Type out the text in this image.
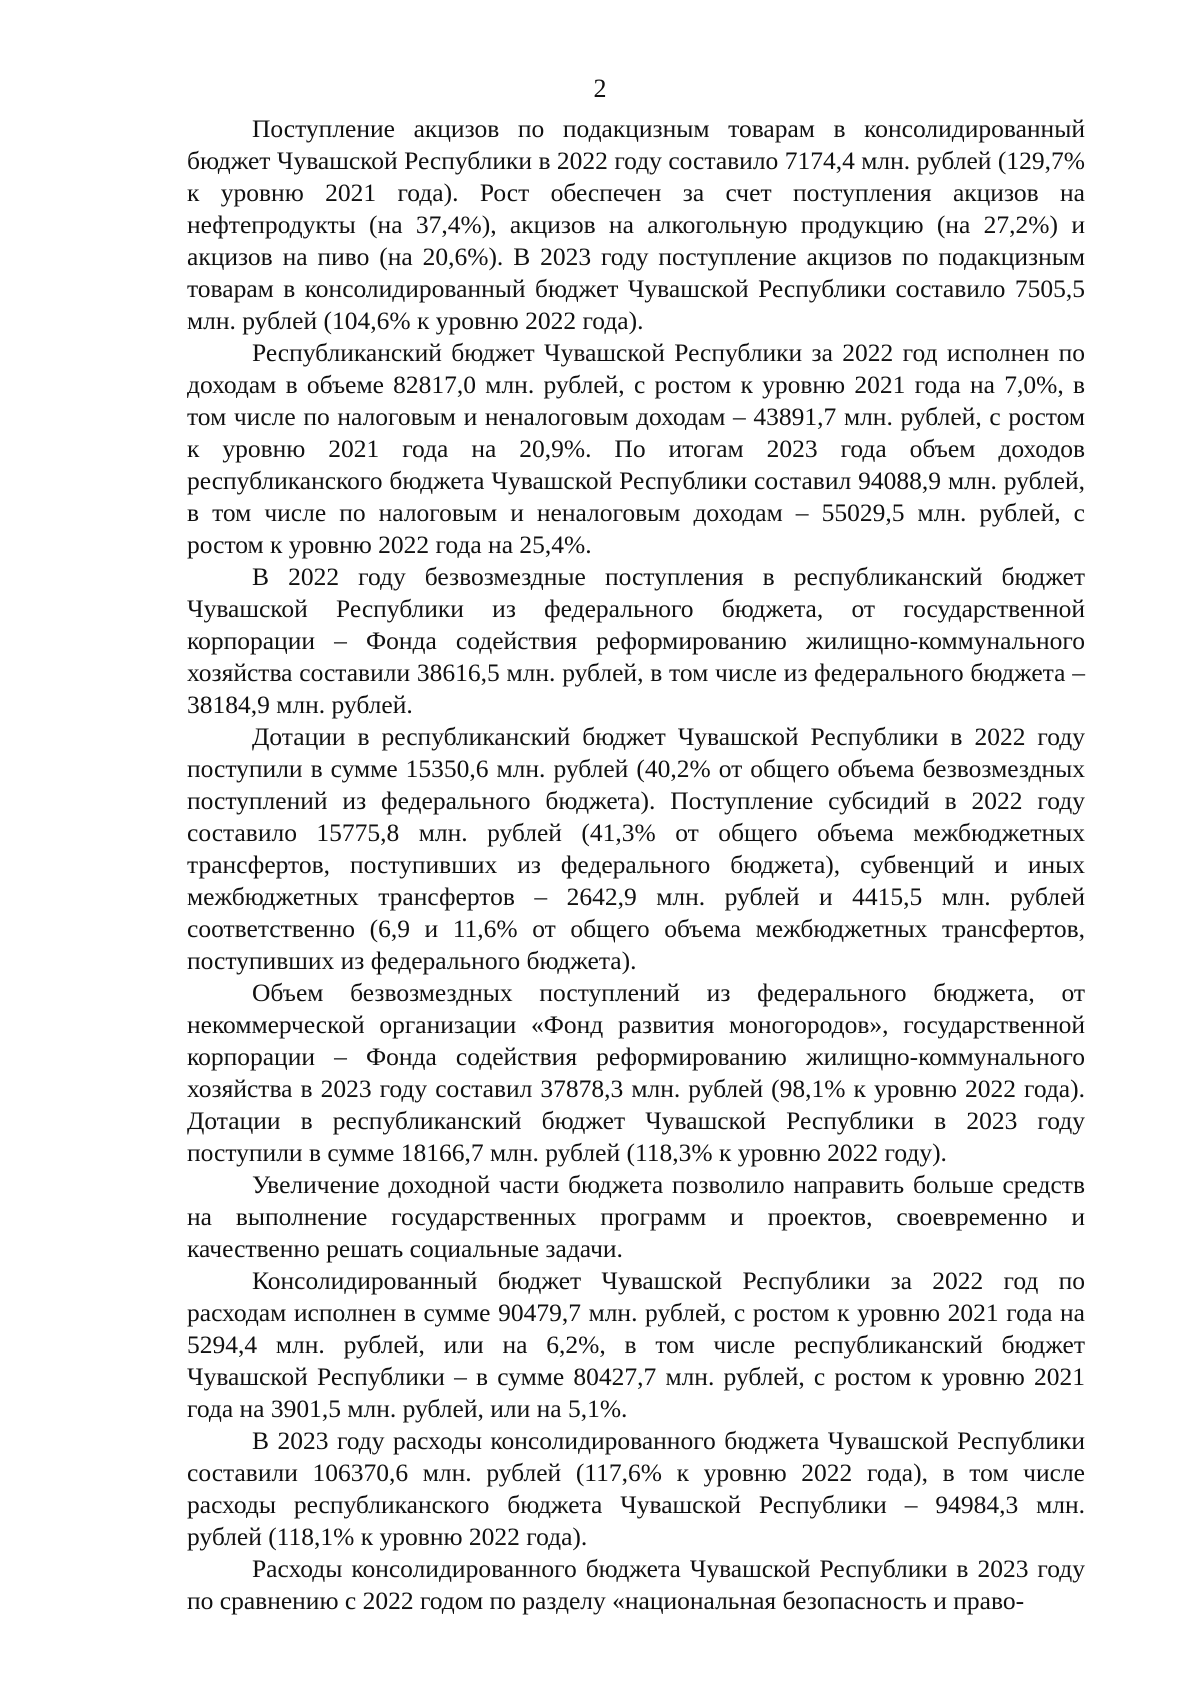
2

Поступление акцизов по подакцизным товарам в консолидированный бюджет Чувашской Республики в 2022 году составило 7174,4 млн. рублей (129,7% к уровню 2021 года). Рост обеспечен за счет поступления акцизов на нефтепродукты (на 37,4%), акцизов на алкогольную продукцию (на 27,2%) и акцизов на пиво (на 20,6%). В 2023 году поступление акцизов по подакцизным товарам в консолидированный бюджет Чувашской Республики составило 7505,5 млн. рублей (104,6% к уровню 2022 года).

Республиканский бюджет Чувашской Республики за 2022 год исполнен по доходам в объеме 82817,0 млн. рублей, с ростом к уровню 2021 года на 7,0%, в том числе по налоговым и неналоговым доходам – 43891,7 млн. рублей, с ростом к уровню 2021 года на 20,9%. По итогам 2023 года объем доходов республиканского бюджета Чувашской Республики составил 94088,9 млн. рублей, в том числе по налоговым и неналоговым доходам – 55029,5 млн. рублей, с ростом к уровню 2022 года на 25,4%.

В 2022 году безвозмездные поступления в республиканский бюджет Чувашской Республики из федерального бюджета, от государственной корпорации – Фонда содействия реформированию жилищно-коммунального хозяйства составили 38616,5 млн. рублей, в том числе из федерального бюджета – 38184,9 млн. рублей.

Дотации в республиканский бюджет Чувашской Республики в 2022 году поступили в сумме 15350,6 млн. рублей (40,2% от общего объема безвозмездных поступлений из федерального бюджета). Поступление субсидий в 2022 году составило 15775,8 млн. рублей (41,3% от общего объема межбюджетных трансфертов, поступивших из федерального бюджета), субвенций и иных межбюджетных трансфертов – 2642,9 млн. рублей и 4415,5 млн. рублей соответственно (6,9 и 11,6% от общего объема межбюджетных трансфертов, поступивших из федерального бюджета).

Объем безвозмездных поступлений из федерального бюджета, от некоммерческой организации «Фонд развития моногородов», государственной корпорации – Фонда содействия реформированию жилищно-коммунального хозяйства в 2023 году составил 37878,3 млн. рублей (98,1% к уровню 2022 года). Дотации в республиканский бюджет Чувашской Республики в 2023 году поступили в сумме 18166,7 млн. рублей (118,3% к уровню 2022 году).

Увеличение доходной части бюджета позволило направить больше средств на выполнение государственных программ и проектов, своевременно и качественно решать социальные задачи.

Консолидированный бюджет Чувашской Республики за 2022 год по расходам исполнен в сумме 90479,7 млн. рублей, с ростом к уровню 2021 года на 5294,4 млн. рублей, или на 6,2%, в том числе республиканский бюджет Чувашской Республики – в сумме 80427,7 млн. рублей, с ростом к уровню 2021 года на 3901,5 млн. рублей, или на 5,1%.

В 2023 году расходы консолидированного бюджета Чувашской Республики составили 106370,6 млн. рублей (117,6% к уровню 2022 года), в том числе расходы республиканского бюджета Чувашской Республики – 94984,3 млн. рублей (118,1% к уровню 2022 года).

Расходы консолидированного бюджета Чувашской Республики в 2023 году по сравнению с 2022 годом по разделу «национальная безопасность и право-
